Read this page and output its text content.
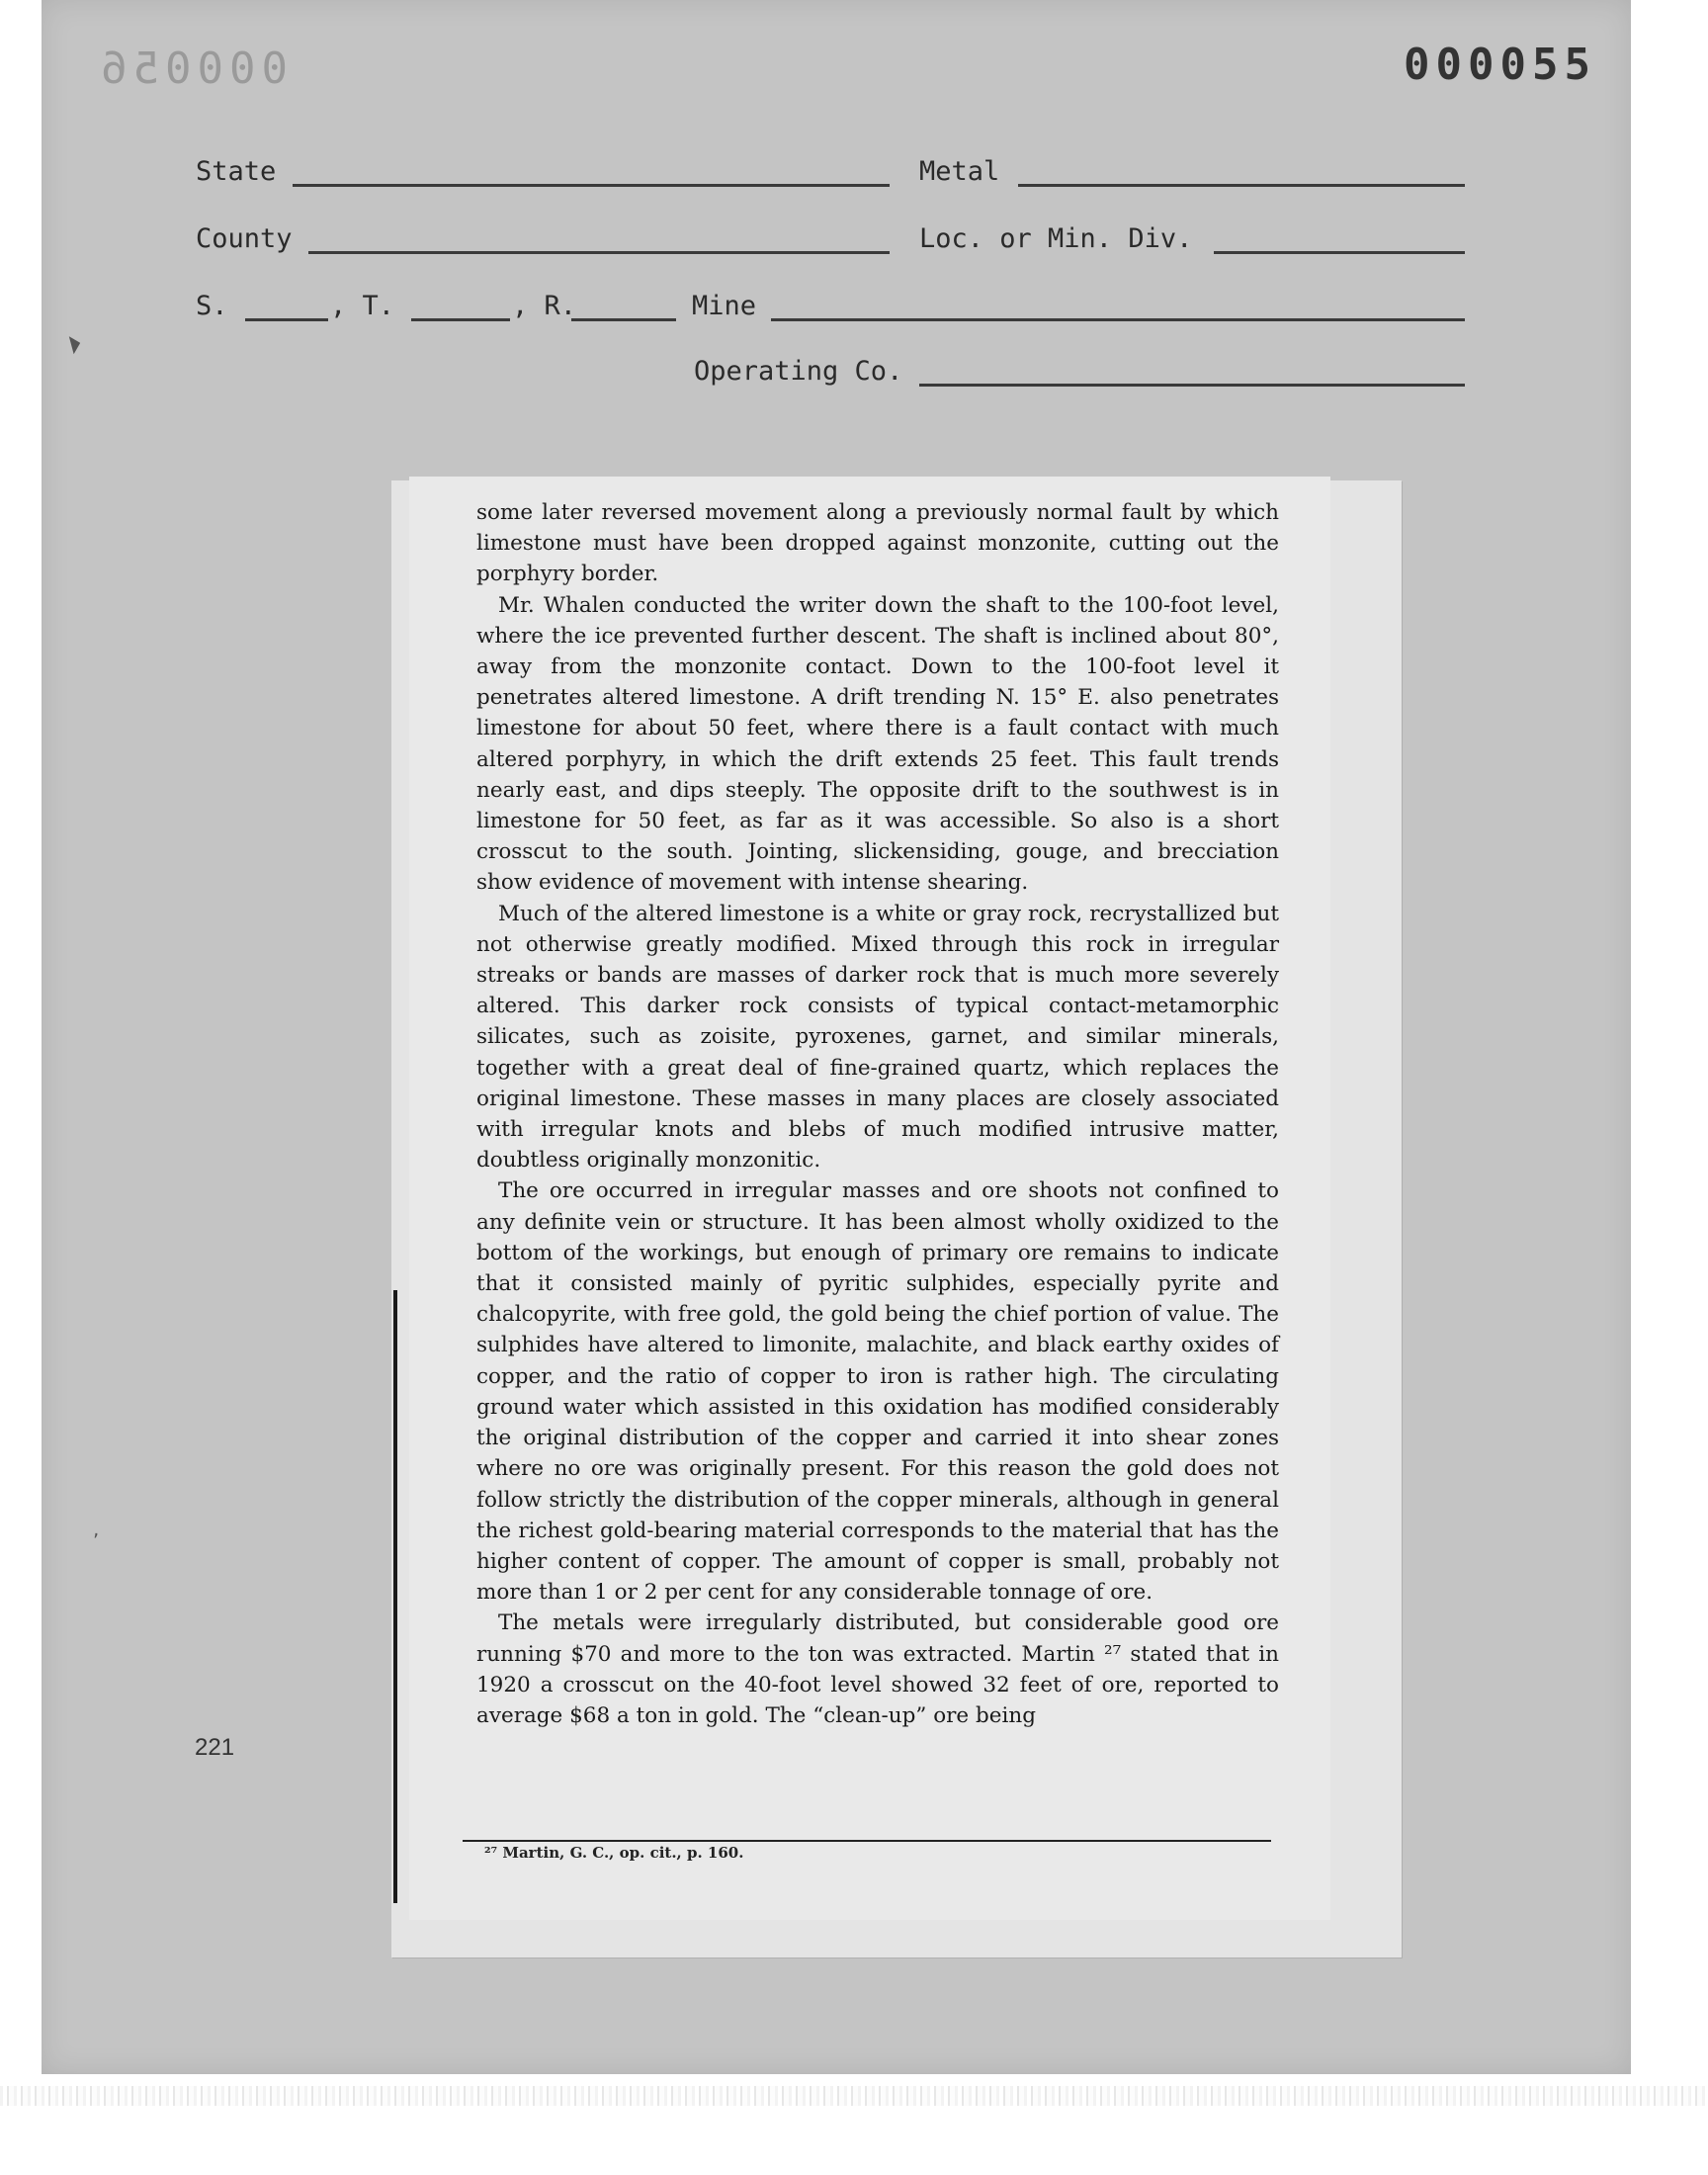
000056	000055
State	Metal
County	Loc. or Min. Div.
S.	, T.	, R.	Mine
Operating Co.
◥
ʼ
221

some later reversed movement along a previously normal fault by which limestone must have been dropped against monzonite, cutting out the porphyry border.

Mr. Whalen conducted the writer down the shaft to the 100-foot level, where the ice prevented further descent. The shaft is inclined about 80°, away from the monzonite contact. Down to the 100-foot level it penetrates altered limestone. A drift trending N. 15° E. also penetrates limestone for about 50 feet, where there is a fault contact with much altered porphyry, in which the drift extends 25 feet. This fault trends nearly east, and dips steeply. The opposite drift to the southwest is in limestone for 50 feet, as far as it was accessible. So also is a short crosscut to the south. Jointing, slickensiding, gouge, and brecciation show evidence of movement with intense shearing.

Much of the altered limestone is a white or gray rock, recrystallized but not otherwise greatly modified. Mixed through this rock in irregular streaks or bands are masses of darker rock that is much more severely altered. This darker rock consists of typical contact-metamorphic silicates, such as zoisite, pyroxenes, garnet, and similar minerals, together with a great deal of fine-grained quartz, which replaces the original limestone. These masses in many places are closely associated with irregular knots and blebs of much modified intrusive matter, doubtless originally monzonitic.

The ore occurred in irregular masses and ore shoots not confined to any definite vein or structure. It has been almost wholly oxidized to the bottom of the workings, but enough of primary ore remains to indicate that it consisted mainly of pyritic sulphides, especially pyrite and chalcopyrite, with free gold, the gold being the chief portion of value. The sulphides have altered to limonite, malachite, and black earthy oxides of copper, and the ratio of copper to iron is rather high. The circulating ground water which assisted in this oxidation has modified considerably the original distribution of the copper and carried it into shear zones where no ore was originally present. For this reason the gold does not follow strictly the distribution of the copper minerals, although in general the richest gold-bearing material corresponds to the material that has the higher content of copper. The amount of copper is small, probably not more than 1 or 2 per cent for any considerable tonnage of ore.

The metals were irregularly distributed, but considerable good ore running $70 and more to the ton was extracted. Martin ²⁷ stated that in 1920 a crosscut on the 40-foot level showed 32 feet of ore, reported to average $68 a ton in gold. The “clean-up” ore being

²⁷ Martin, G. C., op. cit., p. 160.
